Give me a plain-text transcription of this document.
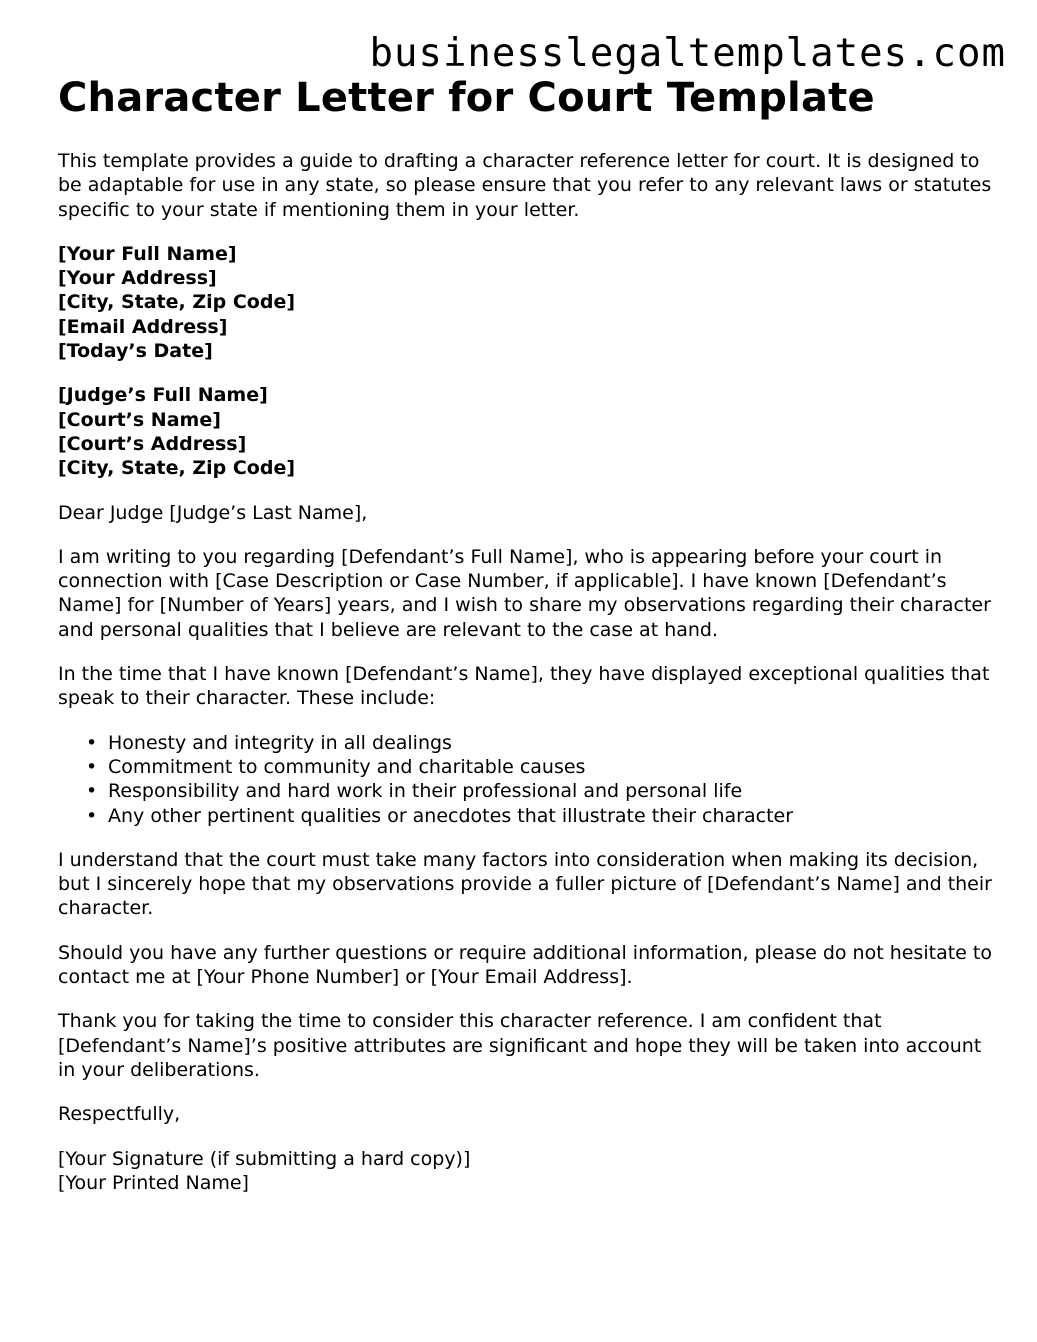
businesslegaltemplates.com
Character Letter for Court Template

This template provides a guide to drafting a character reference letter for court. It is designed to be adaptable for use in any state, so please ensure that you refer to any relevant laws or statutes specific to your state if mentioning them in your letter.

[Your Full Name]
[Your Address]
[City, State, Zip Code]
[Email Address]
[Today’s Date]
[Judge’s Full Name]
[Court’s Name]
[Court’s Address]
[City, State, Zip Code]

Dear Judge [Judge’s Last Name],

I am writing to you regarding [Defendant’s Full Name], who is appearing before your court in connection with [Case Description or Case Number, if applicable]. I have known [Defendant’s Name] for [Number of Years] years, and I wish to share my observations regarding their character and personal qualities that I believe are relevant to the case at hand.

In the time that I have known [Defendant’s Name], they have displayed exceptional qualities that speak to their character. These include:

• Honesty and integrity in all dealings
• Commitment to community and charitable causes
• Responsibility and hard work in their professional and personal life
• Any other pertinent qualities or anecdotes that illustrate their character

I understand that the court must take many factors into consideration when making its decision, but I sincerely hope that my observations provide a fuller picture of [Defendant’s Name] and their character.

Should you have any further questions or require additional information, please do not hesitate to contact me at [Your Phone Number] or [Your Email Address].

Thank you for taking the time to consider this character reference. I am confident that [Defendant’s Name]’s positive attributes are significant and hope they will be taken into account in your deliberations.

Respectfully,

[Your Signature (if submitting a hard copy)]
[Your Printed Name]
